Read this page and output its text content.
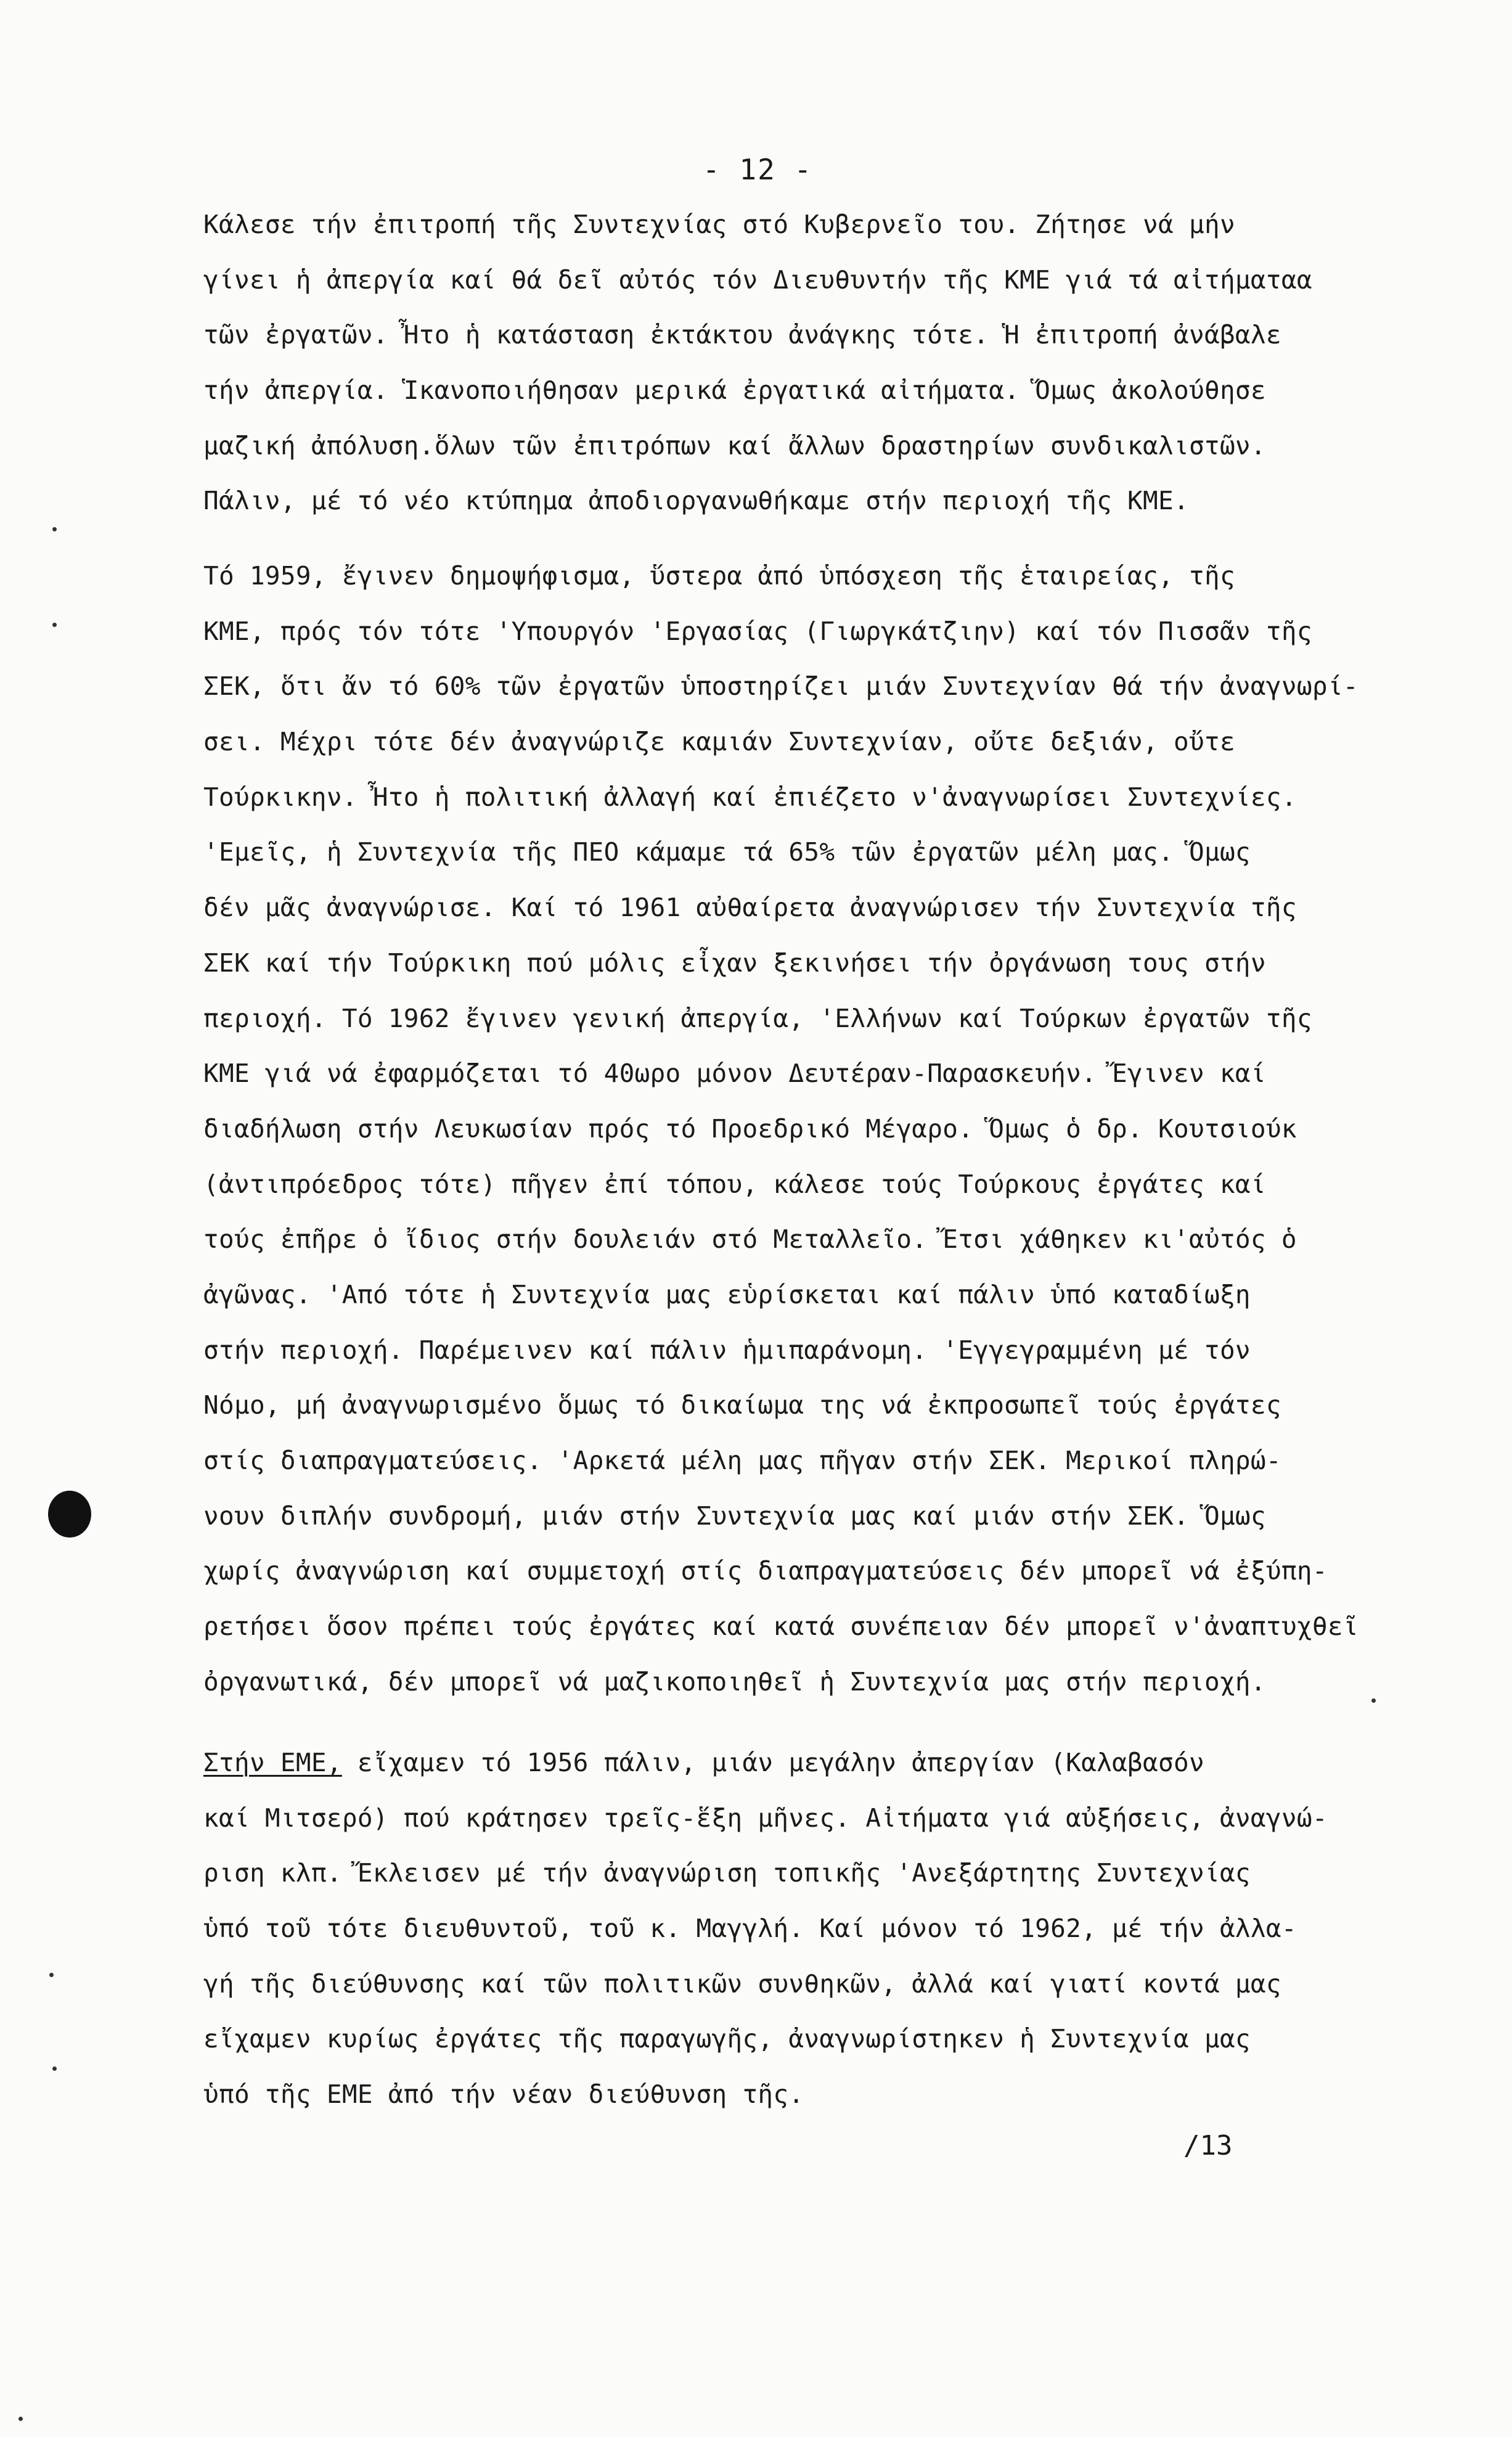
- 12 -
Κάλεσε τήν ἐπιτροπή τῆς Συντεχνίας στό Κυβερνεῖο του. Ζήτησε νά μήν
γίνει ἡ ἀπεργία καί θά δεῖ αὐτός τόν Διευθυντήν τῆς ΚΜΕ γιά τά αἰτήματαα
τῶν ἐργατῶν. Ἦτο ἡ κατάσταση ἐκτάκτου ἀνάγκης τότε. Ἡ ἐπιτροπή ἀνάβαλε
τήν ἀπεργία. Ἱκανοποιήθησαν μερικά ἐργατικά αἰτήματα. Ὅμως ἀκολούθησε
μαζική ἀπόλυση.ὅλων τῶν ἐπιτρόπων καί ἄλλων δραστηρίων συνδικαλιστῶν.
Πάλιν, μέ τό νέο κτύπημα ἀποδιοργανωθήκαμε στήν περιοχή τῆς ΚΜΕ.
Τό 1959, ἔγινεν δημοψήφισμα, ὕστερα ἀπό ὑπόσχεση τῆς ἑταιρείας, τῆς
ΚΜΕ, πρός τόν τότε 'Υπουργόν 'Εργασίας (Γιωργκάτζιην) καί τόν Πισσᾶν τῆς
ΣΕΚ, ὅτι ἄν τό 60% τῶν ἐργατῶν ὑποστηρίζει μιάν Συντεχνίαν θά τήν ἀναγνωρί-
σει. Μέχρι τότε δέν ἀναγνώριζε καμιάν Συντεχνίαν, οὔτε δεξιάν, οὔτε
Τούρκικην. Ἦτο ἡ πολιτική ἀλλαγή καί ἐπιέζετο ν'ἀναγνωρίσει Συντεχνίες.
'Εμεῖς, ἡ Συντεχνία τῆς ΠΕΟ κάμαμε τά 65% τῶν ἐργατῶν μέλη μας. Ὅμως
δέν μᾶς ἀναγνώρισε. Καί τό 1961 αὐθαίρετα ἀναγνώρισεν τήν Συντεχνία τῆς
ΣΕΚ καί τήν Τούρκικη πού μόλις εἶχαν ξεκινήσει τήν ὀργάνωση τους στήν
περιοχή. Τό 1962 ἔγινεν γενική ἀπεργία, 'Ελλήνων καί Τούρκων ἐργατῶν τῆς
ΚΜΕ γιά νά ἐφαρμόζεται τό 40ωρο μόνον Δευτέραν-Παρασκευήν. Ἔγινεν καί
διαδήλωση στήν Λευκωσίαν πρός τό Προεδρικό Μέγαρο. Ὅμως ὁ δρ. Κουτσιούκ
(ἀντιπρόεδρος τότε) πῆγεν ἐπί τόπου, κάλεσε τούς Τούρκους ἐργάτες καί
τούς ἐπῆρε ὁ ἴδιος στήν δουλειάν στό Μεταλλεῖο. Ἔτσι χάθηκεν κι'αὐτός ὁ
ἀγῶνας. 'Από τότε ἡ Συντεχνία μας εὑρίσκεται καί πάλιν ὑπό καταδίωξη
στήν περιοχή. Παρέμεινεν καί πάλιν ἡμιπαράνομη. 'Εγγεγραμμένη μέ τόν
Νόμο, μή ἀναγνωρισμένο ὅμως τό δικαίωμα της νά ἐκπροσωπεῖ τούς ἐργάτες
στίς διαπραγματεύσεις. 'Αρκετά μέλη μας πῆγαν στήν ΣΕΚ. Μερικοί πληρώ-
νουν διπλήν συνδρομή, μιάν στήν Συντεχνία μας καί μιάν στήν ΣΕΚ. Ὅμως
χωρίς ἀναγνώριση καί συμμετοχή στίς διαπραγματεύσεις δέν μπορεῖ νά ἐξύπη-
ρετήσει ὅσον πρέπει τούς ἐργάτες καί κατά συνέπειαν δέν μπορεῖ ν'ἀναπτυχθεῖ
ὀργανωτικά, δέν μπορεῖ νά μαζικοποιηθεῖ ἡ Συντεχνία μας στήν περιοχή.
Στήν ΕΜΕ, εἴχαμεν τό 1956 πάλιν, μιάν μεγάλην ἀπεργίαν (Καλαβασόν
καί Μιτσερό) πού κράτησεν τρεῖς-ἕξη μῆνες. Αἰτήματα γιά αὐξήσεις, ἀναγνώ-
ριση κλπ. Ἔκλεισεν μέ τήν ἀναγνώριση τοπικῆς 'Ανεξάρτητης Συντεχνίας
ὑπό τοῦ τότε διευθυντοῦ, τοῦ κ. Μαγγλή. Καί μόνον τό 1962, μέ τήν ἀλλα-
γή τῆς διεύθυνσης καί τῶν πολιτικῶν συνθηκῶν, ἀλλά καί γιατί κοντά μας
εἴχαμεν κυρίως ἐργάτες τῆς παραγωγῆς, ἀναγνωρίστηκεν ἡ Συντεχνία μας
ὑπό τῆς ΕΜΕ ἀπό τήν νέαν διεύθυνση τῆς.
/13
